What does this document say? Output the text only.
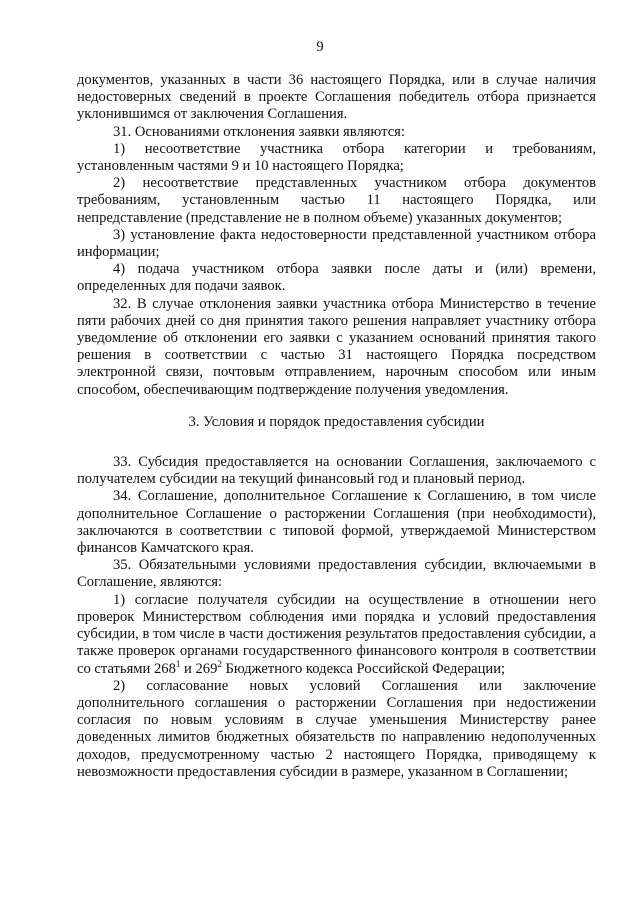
9

документов, указанных в части 36 настоящего Порядка, или в случае наличия недостоверных сведений в проекте Соглашения победитель отбора признается уклонившимся от заключения Соглашения.

31. Основаниями отклонения заявки являются:

1) несоответствие участника отбора категории и требованиям, установленным частями 9 и 10 настоящего Порядка;

2) несоответствие представленных участником отбора документов требованиям, установленным частью 11 настоящего Порядка, или непредставление (представление не в полном объеме) указанных документов;

3) установление факта недостоверности представленной участником отбора информации;

4) подача участником отбора заявки после даты и (или) времени, определенных для подачи заявок.

32. В случае отклонения заявки участника отбора Министерство в течение пяти рабочих дней со дня принятия такого решения направляет участнику отбора уведомление об отклонении его заявки с указанием оснований принятия такого решения в соответствии с частью 31 настоящего Порядка посредством электронной связи, почтовым отправлением, нарочным способом или иным способом, обеспечивающим подтверждение получения уведомления.

3. Условия и порядок предоставления субсидии

33. Субсидия предоставляется на основании Соглашения, заключаемого с получателем субсидии на текущий финансовый год и плановый период.

34. Соглашение, дополнительное Соглашение к Соглашению, в том числе дополнительное Соглашение о расторжении Соглашения (при необходимости), заключаются в соответствии с типовой формой, утверждаемой Министерством финансов Камчатского края.

35. Обязательными условиями предоставления субсидии, включаемыми в Соглашение, являются:

1) согласие получателя субсидии на осуществление в отношении него проверок Министерством соблюдения ими порядка и условий предоставления субсидии, в том числе в части достижения результатов предоставления субсидии, а также проверок органами государственного финансового контроля в соответствии со статьями $268^1$ и $269^2$ Бюджетного кодекса Российской Федерации;

2) согласование новых условий Соглашения или заключение дополнительного соглашения о расторжении Соглашения при недостижении согласия по новым условиям в случае уменьшения Министерству ранее доведенных лимитов бюджетных обязательств по направлению недополученных доходов, предусмотренному частью 2 настоящего Порядка, приводящему к невозможности предоставления субсидии в размере, указанном в Соглашении;
